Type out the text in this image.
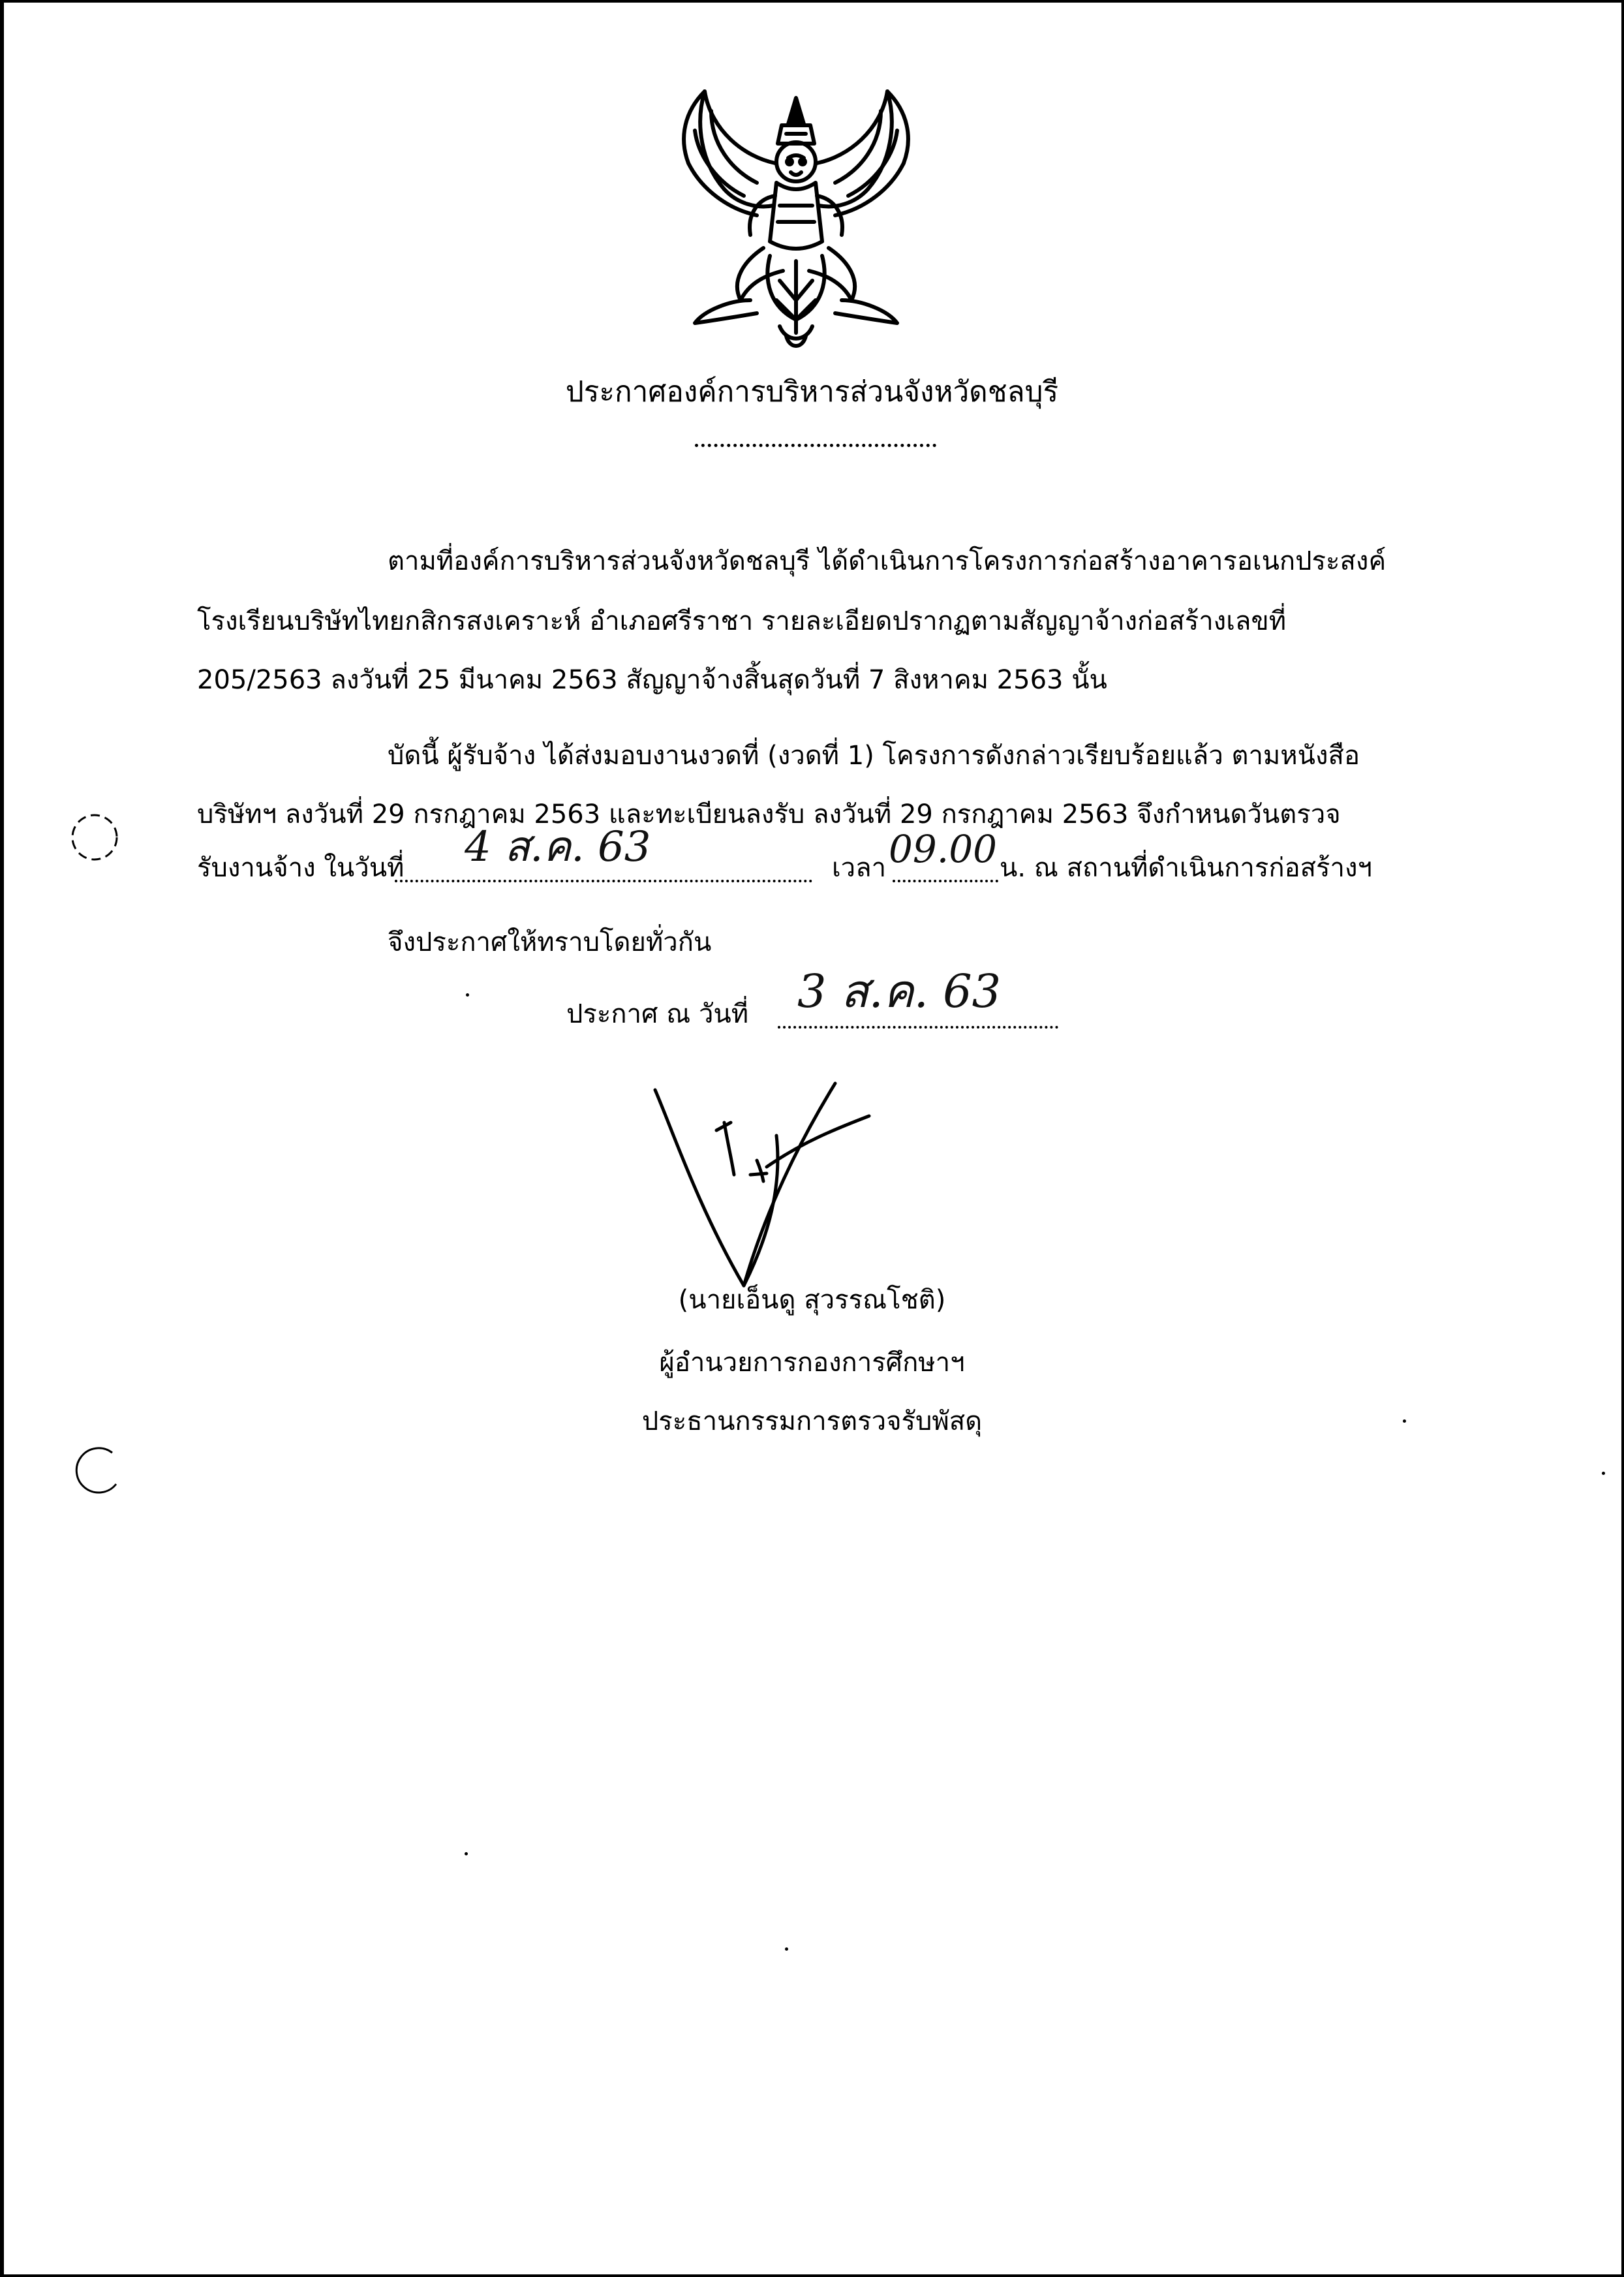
ประกาศองค์การบริหารส่วนจังหวัดชลบุรี
ตามที่องค์การบริหารส่วนจังหวัดชลบุรี ได้ดำเนินการโครงการก่อสร้างอาคารอเนกประสงค์
โรงเรียนบริษัทไทยกสิกรสงเคราะห์ อำเภอศรีราชา รายละเอียดปรากฏตามสัญญาจ้างก่อสร้างเลขที่
205/2563 ลงวันที่ 25 มีนาคม 2563 สัญญาจ้างสิ้นสุดวันที่ 7 สิงหาคม 2563 นั้น
บัดนี้ ผู้รับจ้าง ได้ส่งมอบงานงวดที่ (งวดที่ 1) โครงการดังกล่าวเรียบร้อยแล้ว ตามหนังสือ
บริษัทฯ ลงวันที่ 29 กรกฎาคม 2563 และทะเบียนลงรับ ลงวันที่ 29 กรกฎาคม 2563 จึงกำหนดวันตรวจ
รับงานจ้าง ในวันที่	เวลา	น. ณ สถานที่ดำเนินการก่อสร้างฯ
4 ส.ค. 63	09.00
จึงประกาศให้ทราบโดยทั่วกัน
ประกาศ ณ วันที่ 3 ส.ค. 63
(นายเอ็นดู สุวรรณโชติ)
ผู้อำนวยการกองการศึกษาฯ
ประธานกรรมการตรวจรับพัสดุ
